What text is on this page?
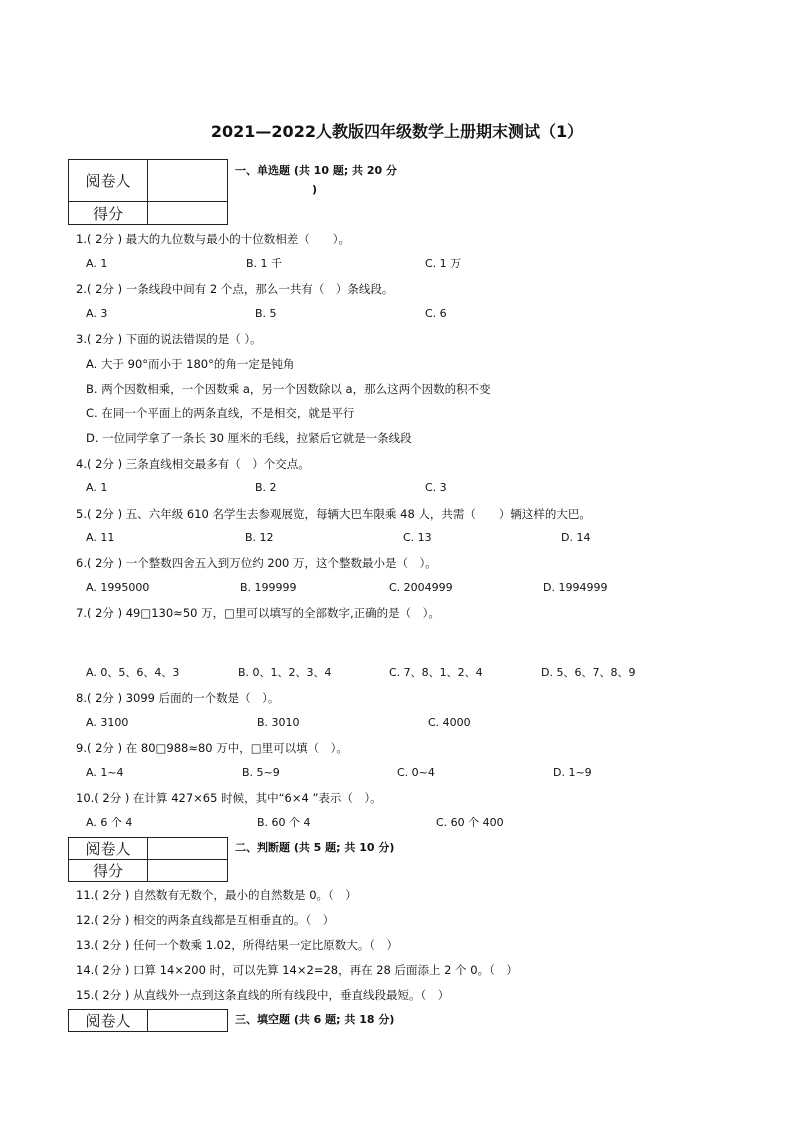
2021—2022人教版四年级数学上册期末测试（1）
阅卷人	
得分	
一、单选题 (共 10 题; 共 20 分
)
1.( 2分 ) 最大的九位数与最小的十位数相差（　　）。
A. 1	B. 1 千	C. 1 万
2.( 2分 ) 一条线段中间有 2 个点，那么一共有（　）条线段。
A. 3	B. 5	C. 6
3.( 2分 ) 下面的说法错误的是（ ）。
A. 大于 90°而小于 180°的角一定是钝角
B. 两个因数相乘，一个因数乘 a，另一个因数除以 a，那么这两个因数的积不变
C. 在同一个平面上的两条直线，不是相交，就是平行
D. 一位同学拿了一条长 30 厘米的毛线，拉紧后它就是一条线段
4.( 2分 ) 三条直线相交最多有（　）个交点。
A. 1	B. 2	C. 3
5.( 2分 ) 五、六年级 610 名学生去参观展览，每辆大巴车限乘 48 人，共需（　　）辆这样的大巴。
A. 11	B. 12	C. 13	D. 14
6.( 2分 ) 一个整数四舍五入到万位约 200 万，这个整数最小是（　）。
A. 1995000	B. 199999	C. 2004999	D. 1994999
7.( 2分 ) 49□130≈50 万，□里可以填写的全部数字,正确的是（　）。
A. 0、5、6、4、3	B. 0、1、2、3、4	C. 7、8、1、2、4	D. 5、6、7、8、9
8.( 2分 ) 3099 后面的一个数是（　）。
A. 3100	B. 3010	C. 4000
9.( 2分 ) 在 80□988≈80 万中，□里可以填（　）。
A. 1~4	B. 5~9	C. 0~4	D. 1~9
10.( 2分 ) 在计算 427×65 时候，其中“6×4 ”表示（　）。
A. 6 个 4	B. 60 个 4	C. 60 个 400
阅卷人	
得分	
二、判断题 (共 5 题; 共 10 分)
11.( 2分 ) 自然数有无数个，最小的自然数是 0。（　）
12.( 2分 ) 相交的两条直线都是互相垂直的。（　）
13.( 2分 ) 任何一个数乘 1.02，所得结果一定比原数大。（　）
14.( 2分 ) 口算 14×200 时，可以先算 14×2=28，再在 28 后面添上 2 个 0。（　）
15.( 2分 ) 从直线外一点到这条直线的所有线段中，垂直线段最短。（　）
阅卷人		三、填空题 (共 6 题; 共 18 分)
